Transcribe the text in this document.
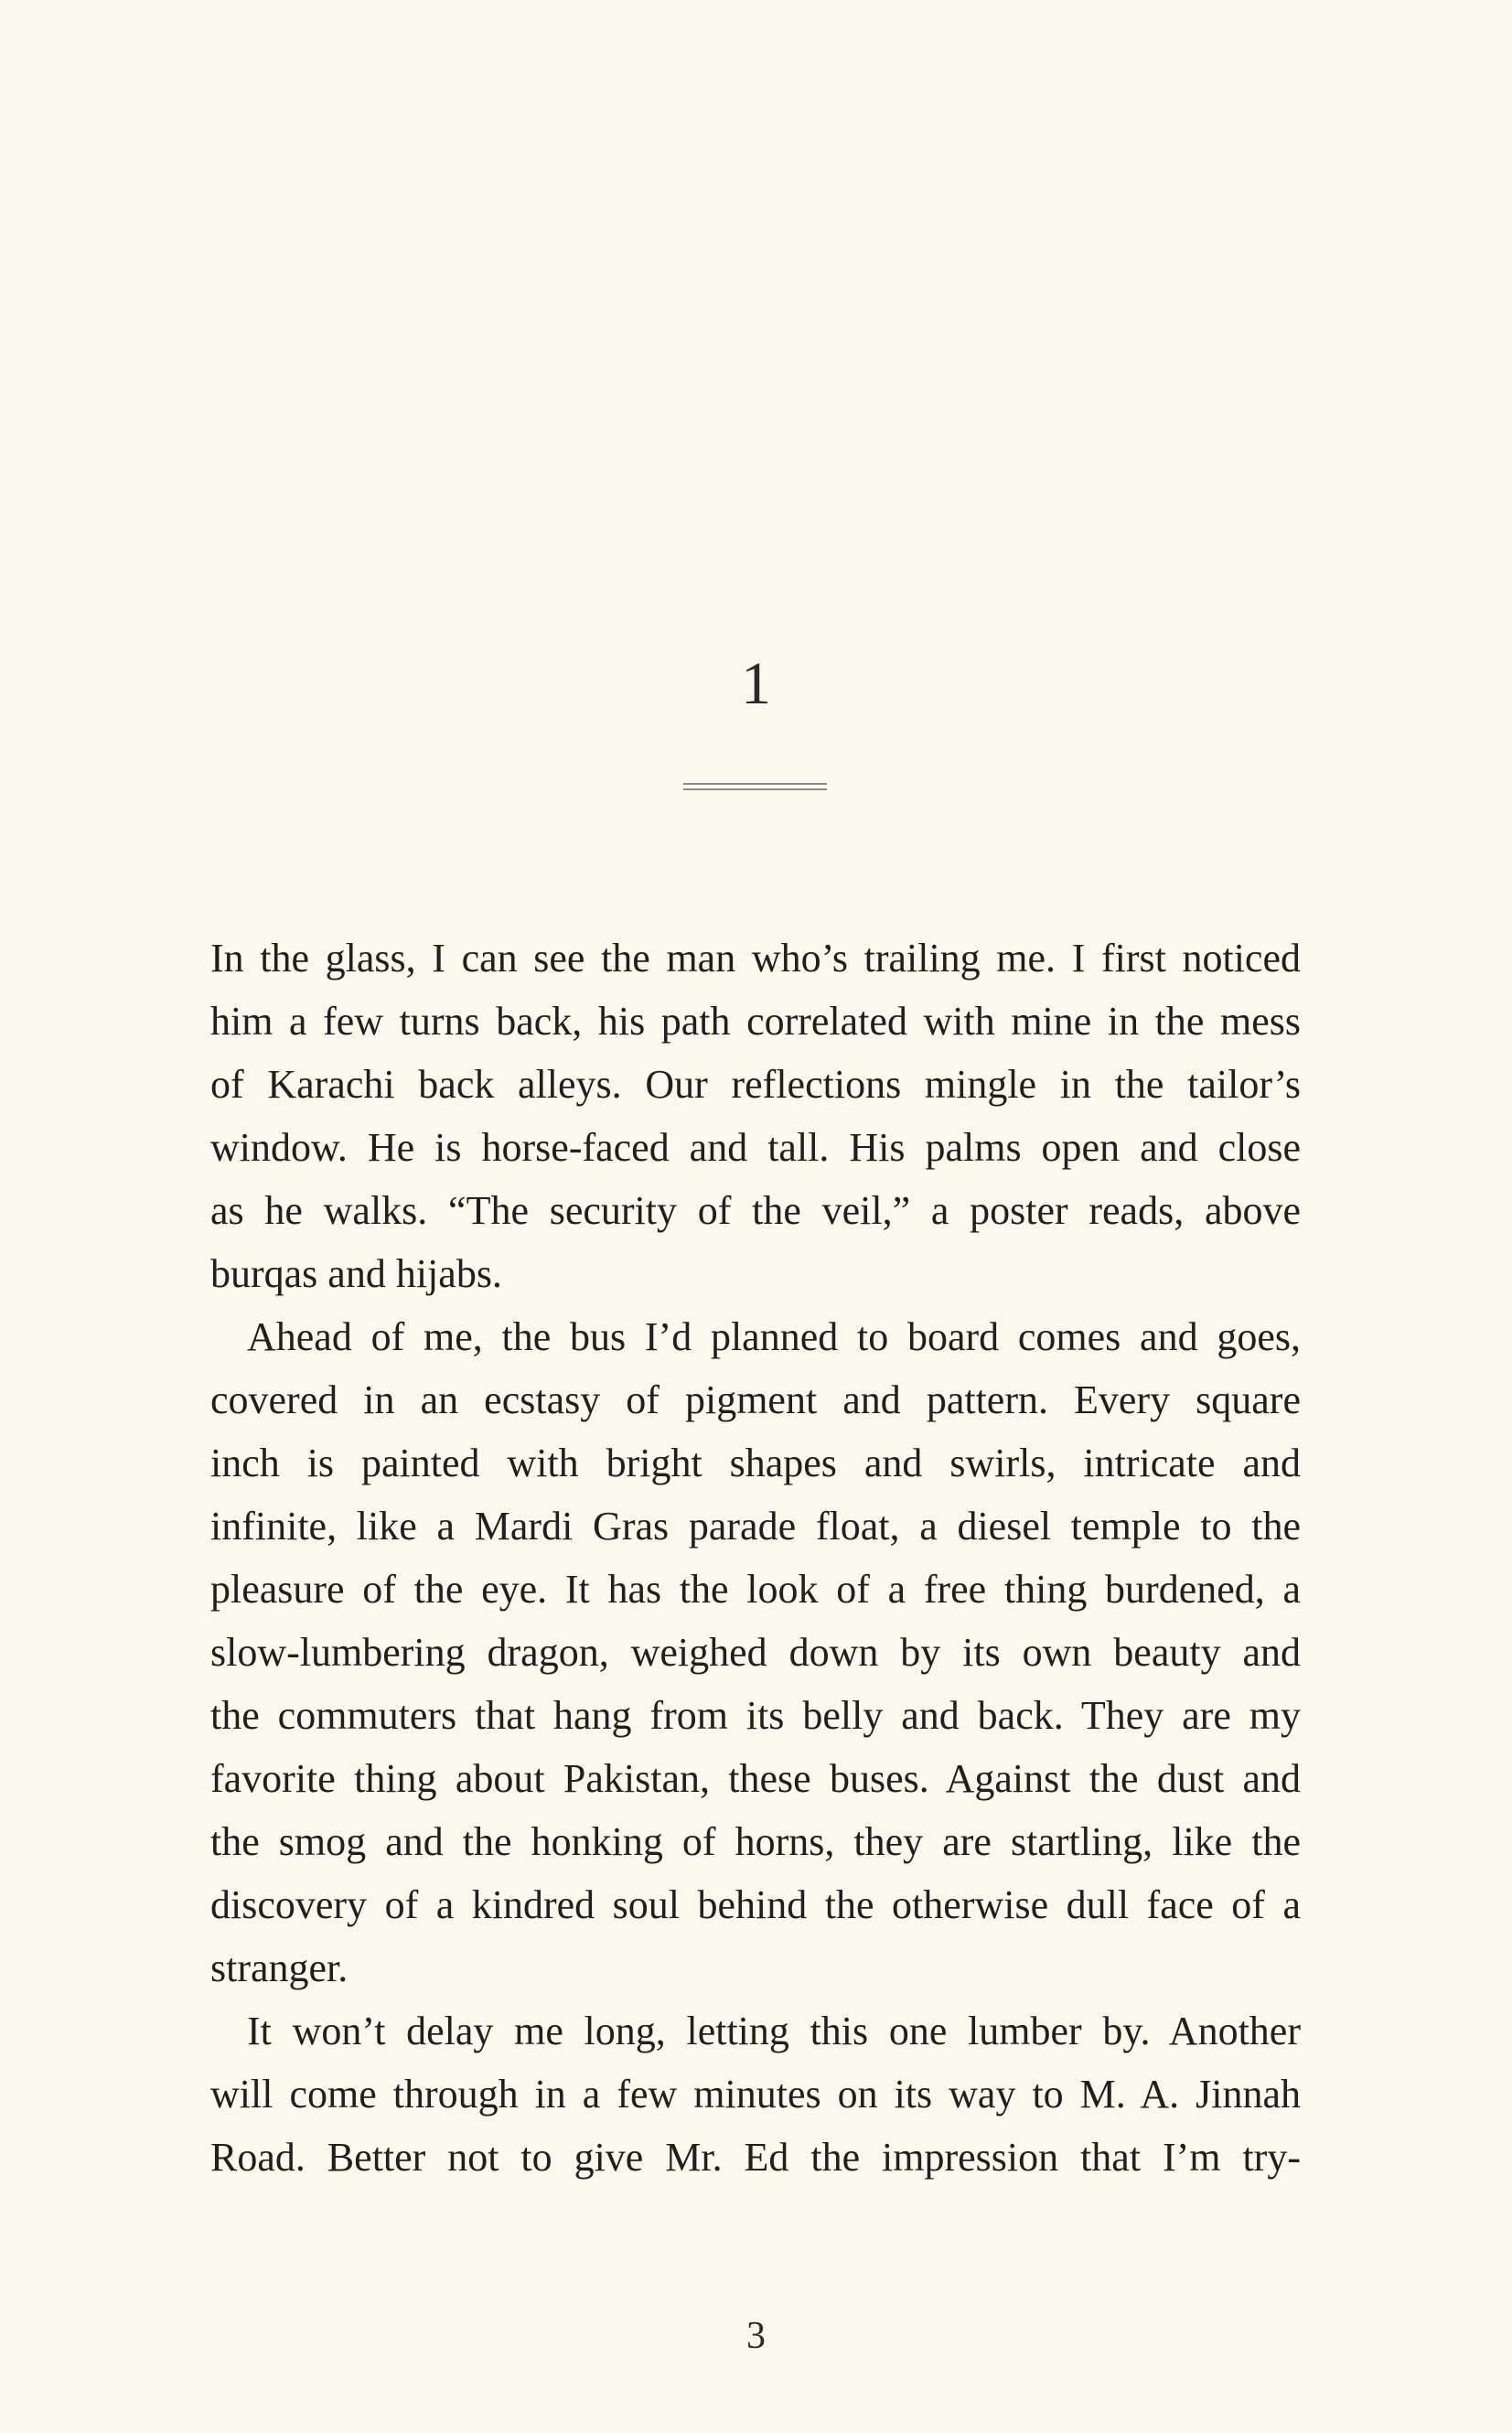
1

In the glass, I can see the man who’s trailing me. I first noticed
him a few turns back, his path correlated with mine in the mess
of Karachi back alleys. Our reflections mingle in the tailor’s
window. He is horse-faced and tall. His palms open and close
as he walks. “The security of the veil,” a poster reads, above
burqas and hijabs.

Ahead of me, the bus I’d planned to board comes and goes,
covered in an ecstasy of pigment and pattern. Every square
inch is painted with bright shapes and swirls, intricate and
infinite, like a Mardi Gras parade float, a diesel temple to the
pleasure of the eye. It has the look of a free thing burdened, a
slow-lumbering dragon, weighed down by its own beauty and
the commuters that hang from its belly and back. They are my
favorite thing about Pakistan, these buses. Against the dust and
the smog and the honking of horns, they are startling, like the
discovery of a kindred soul behind the otherwise dull face of a
stranger.

It won’t delay me long, letting this one lumber by. Another
will come through in a few minutes on its way to M. A. Jinnah
Road. Better not to give Mr. Ed the impression that I’m try-

3
